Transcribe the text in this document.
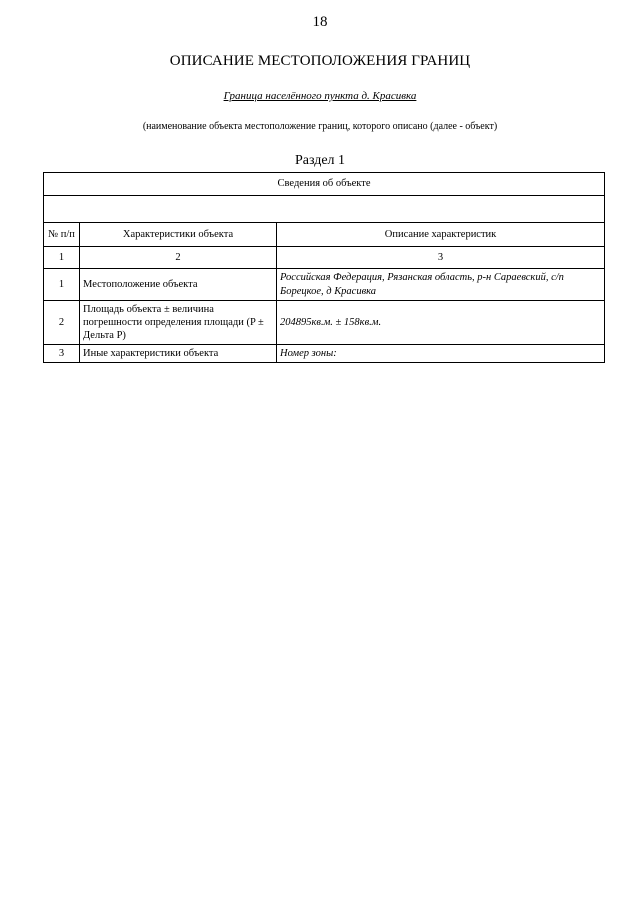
18
ОПИСАНИЕ МЕСТОПОЛОЖЕНИЯ ГРАНИЦ
Граница населённого пункта д. Красивка
(наименование объекта местоположение границ, которого описано (далее - объект)
Раздел 1
Сведения об объекте		

№ п/п	Характеристики объекта	Описание характеристик
1	2	3
1	Местоположение объекта	Российская Федерация, Рязанская область, р-н Сараевский, с/п Борецкое, д Красивка
2	Площадь объекта ± величина погрешности определения площади (P ± Дельта P)	204895кв.м. ± 158кв.м.
3	Иные характеристики объекта	Номер зоны:
